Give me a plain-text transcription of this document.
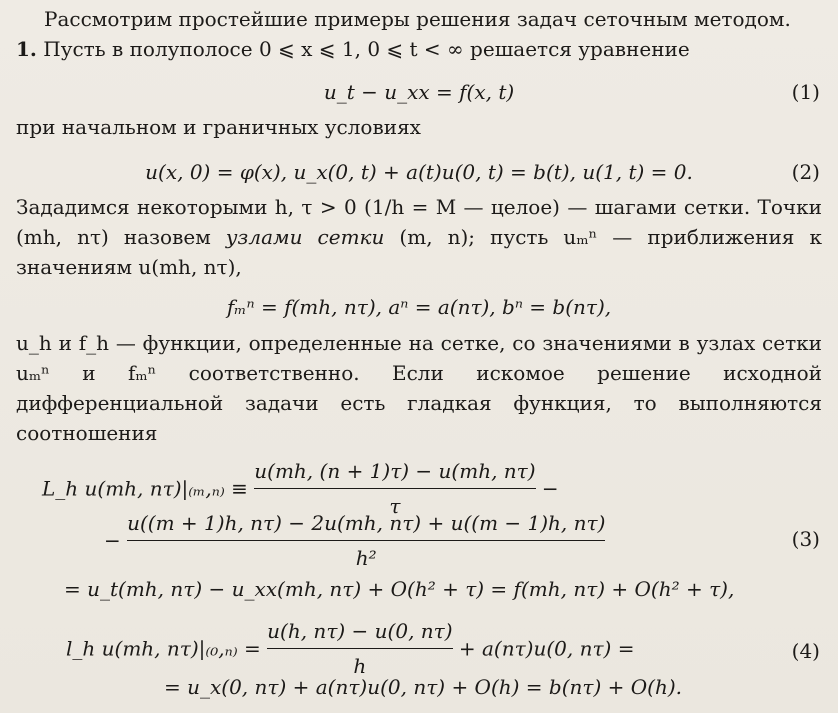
Рассмотрим простейшие примеры решения задач сеточным методом.

1. Пусть в полуполосе 0 ⩽ x ⩽ 1, 0 ⩽ t < ∞ решается уравнение

u_t − u_xx = f(x, t)	(1)

при начальном и граничных условиях

u(x, 0) = φ(x), u_x(0, t) + a(t)u(0, t) = b(t), u(1, t) = 0.	(2)

Зададимся некоторыми h, τ > 0 (1/h = M — целое) — шагами сетки. Точки (mh, nτ) назовем узлами сетки (m, n); пусть uₘⁿ — приближения к значениям u(mh, nτ),

fₘⁿ = f(mh, nτ), aⁿ = a(nτ), bⁿ = b(nτ),

u_h и f_h — функции, определенные на сетке, со значениями в узлах сетки uₘⁿ и fₘⁿ соответственно. Если искомое решение исходной дифференциальной задачи есть гладкая функция, то выполняются соотношения

L_h u(mh, $n\tau)|_{(m},_{n)} \equiv \frac{u(mh, (n + 1)\tau) - u(mh, n\tau)}{\tau}$ −
− $\frac{u((m + 1)h, n\tau) - 2u(mh, n\tau) + u((m - 1)h, n\tau)}{\text{h²}}$	(3)
= u_t(mh, nτ) − u_xx(mh, nτ) + O(h² + τ) = f(mh, nτ) + O(h² + τ),
l_h u(mh, $n\tau)|_{(0},_{n)} = \frac{u(h, n\tau) - u(0, n\tau)}{h} + a(n\tau)u(0$, nτ) =	(4)
= u_x(0, nτ) + a(nτ)u(0, nτ) + O(h) = b(nτ) + O(h).
